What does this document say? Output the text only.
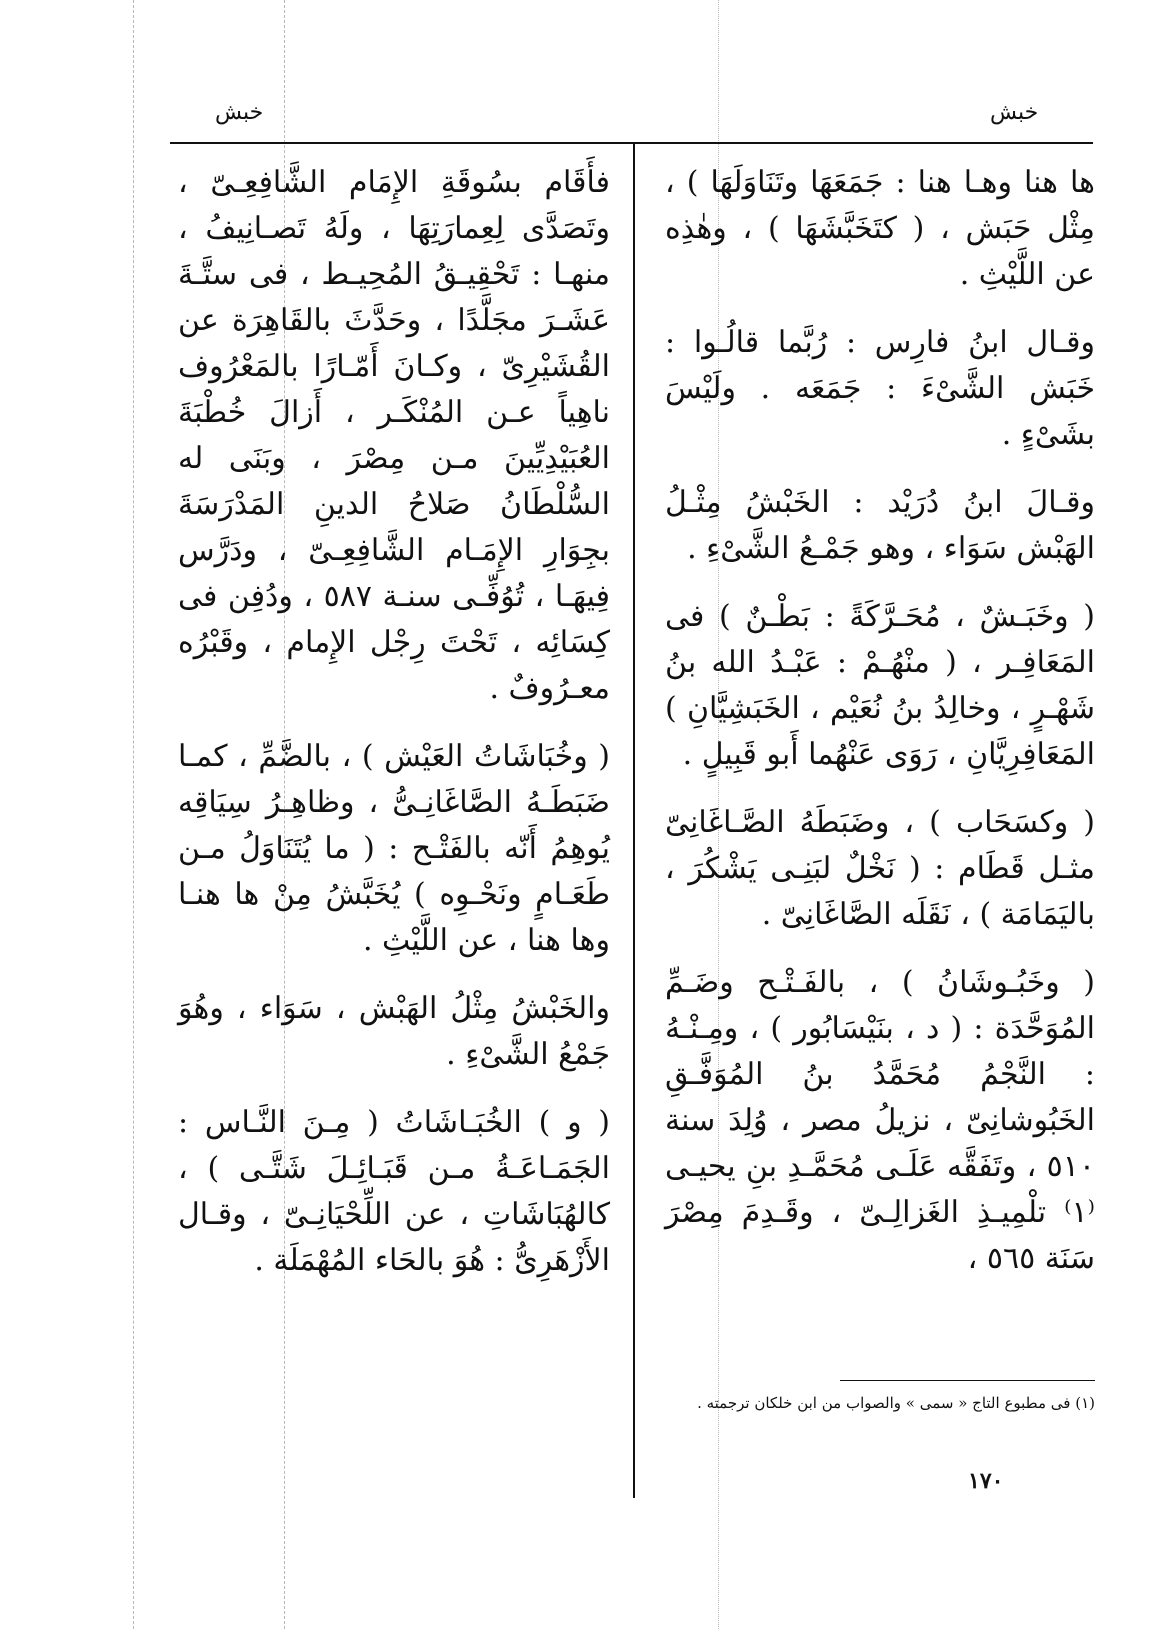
خبش	خبش

ها هنا وهـا هنا : جَمَعَهَا وتَنَاوَلَهَا ) ، مِثْل حَبَش ، ( كتَخَبَّشَهَا ) ، وهٰذِه عن اللَّيْثِ .

وقـال ابنُ فارِس : رُبَّما قالُـوا : خَبَش الشَّىْءَ : جَمَعَه . ولَيْسَ بشَىْءٍ .

وقـالَ ابنُ دُرَيْد : الخَبْشُ مِثْـلُ الهَبْش سَوَاء ، وهو جَمْـعُ الشَّىْءِ .

( وخَبَـشٌ ، مُحَـرَّكَةً : بَطْـنٌ ) فى المَعَافِـر ، ( منْهُـمْ : عَبْـدُ الله بنُ شَهْـرٍ ، وخالِدُ بنُ نُعَيْم ، الخَبَشِيَّانِ ) المَعَافِرِيَّانِ ، رَوَى عَنْهُما أَبو قَبِيلٍ .

( وكسَحَاب ) ، وضَبَطَهُ الصَّـاغَانِىّ مثـل قَطَام : ( نَخْلٌ لبَنِـى يَشْكُرَ ، باليَمَامَة ) ، نَقَلَه الصَّاغَانِىّ .

( وخَبُـوشَانُ ) ، بالفَـتْـح وضَـمِّ المُوَحَّدَة : ( د ، بنَيْسَابُور ) ، ومِـنْـهُ : النَّجْمُ مُحَمَّدُ بنُ المُوَفَّـقِ الخَبُوشانِىّ ، نزيلُ مصر ، وُلِدَ سنة ٥١٠ ، وتَفَقَّه عَلَـى مُحَمَّـدِ بنِ يحيـى ⁽١⁾ تلْمِيـذِ الغَزالِـىّ ، وقَـدِمَ مِصْرَ سَنَة ٥٦٥ ،

فأَقَام بسُوقَةِ الإِمَام الشَّافِعِـىّ ، وتَصَدَّى لِعِمارَتِهَا ، ولَهُ تَصـانِيفُ ، منهـا : تَحْقِيـقُ المُحِيـط ، فى ستَّـةَ عَشَـرَ مجَلَّدًا ، وحَدَّثَ بالقَاهِرَة عن القُشَيْرِىّ ، وكـانَ أَمّـارًا بالمَعْرُوف ناهِياً عـن المُنْكَـر ، أَزالَ خُطْبَةَ العُبَيْدِيِّينَ مـن مِصْرَ ، وبَنَى له السُّلْطَانُ صَلاحُ الدينِ المَدْرَسَةَ بجِوَارِ الإِمَـام الشَّافِعِـىّ ، ودَرَّس فِيهَـا ، تُوُفِّـى سنـة ٥٨٧ ، ودُفِن فى كِسَائِه ، تَحْتَ رِجْل الإِمام ، وقَبْرُه معـرُوفٌ .

( وخُبَاشَاتُ العَيْش ) ، بالضَّمِّ ، كمـا ضَبَطَـهُ الصَّاغَانِـىُّ ، وظاهِـرُ سِيَاقِه يُوهِمُ أَنّه بالفَتْـح : ( ما يُتَنَاوَلُ مـن طَعَـامٍ ونَحْـوِه ) يُخَبَّشُ مِنْ ها هنـا وها هنا ، عن اللَّيْثِ .

والخَبْشُ مِثْلُ الهَبْش ، سَوَاء ، وهُوَ جَمْعُ الشَّىْءِ .

( و ) الخُبَـاشَاتُ ( مِـنَ النَّـاس : الجَمَـاعَـةُ مـن قَبَـائِـلَ شَتَّـى ) ، كالهُبَاشَاتِ ، عن اللِّحْيَانِـىّ ، وقـال الأَزْهَرِىُّ : هُوَ بالحَاء المُهْمَلَة .

(١) فى مطبوع التاج « سمى » والصواب من ابن خلكان ترجمته .
١٧٠
